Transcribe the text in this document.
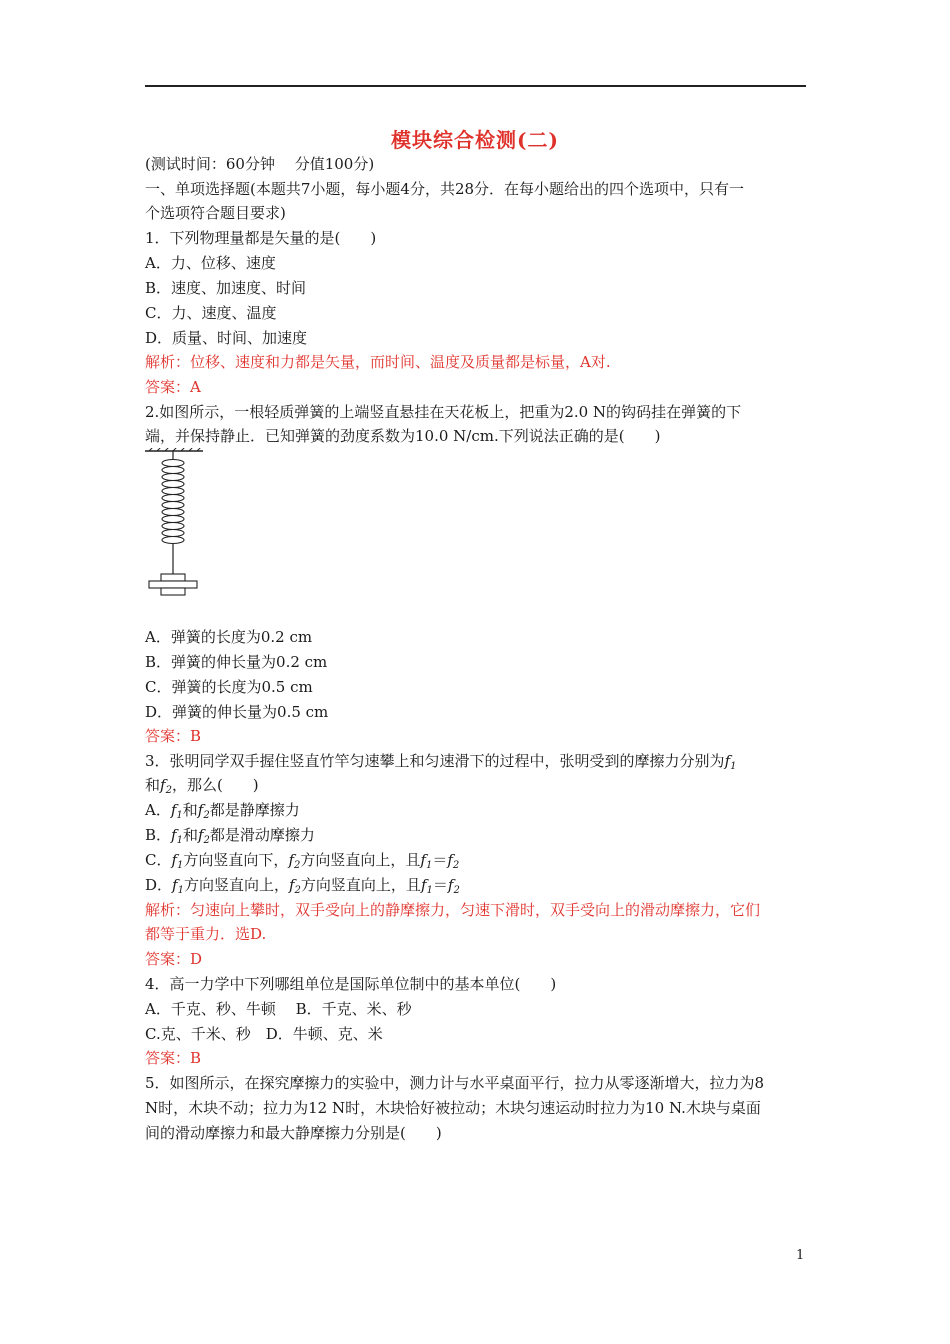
模块综合检测(二)
(测试时间：60分钟　 分值100分)
一、单项选择题(本题共7小题，每小题4分，共28分．在每小题给出的四个选项中，只有一
个选项符合题目要求)
1．下列物理量都是矢量的是(　　)
A．力、位移、速度
B．速度、加速度、时间
C．力、速度、温度
D．质量、时间、加速度
解析：位移、速度和力都是矢量，而时间、温度及质量都是标量，A对.
答案：A
2.如图所示，一根轻质弹簧的上端竖直悬挂在天花板上，把重为2.0 N的钩码挂在弹簧的下
端，并保持静止．已知弹簧的劲度系数为10.0 N/cm.下列说法正确的是(　　)
A．弹簧的长度为0.2 cm
B．弹簧的伸长量为0.2 cm
C．弹簧的长度为0.5 cm
D．弹簧的伸长量为0.5 cm
答案：B
3．张明同学双手握住竖直竹竿匀速攀上和匀速滑下的过程中，张明受到的摩擦力分别为$f_1$
和$f_2$，那么(　　)
A．$f_1$和$f_2$都是静摩擦力
B．$f_1$和$f_2$都是滑动摩擦力
C．$f_1$方向竖直向下，$f_2$方向竖直向上，且$f_1=f_2$
D．$f_1$方向竖直向上，$f_2$方向竖直向上，且$f_1=f_2$
解析：匀速向上攀时，双手受向上的静摩擦力，匀速下滑时，双手受向上的滑动摩擦力，它们
都等于重力．选D.
答案：D
4．高一力学中下列哪组单位是国际单位制中的基本单位(　　)
A．千克、秒、牛顿　 B．千克、米、秒
C.克、千米、秒　D．牛顿、克、米
答案：B
5．如图所示，在探究摩擦力的实验中，测力计与水平桌面平行，拉力从零逐渐增大，拉力为8
N时，木块不动；拉力为12 N时，木块恰好被拉动；木块匀速运动时拉力为10 N.木块与桌面
间的滑动摩擦力和最大静摩擦力分别是(　　)
1
